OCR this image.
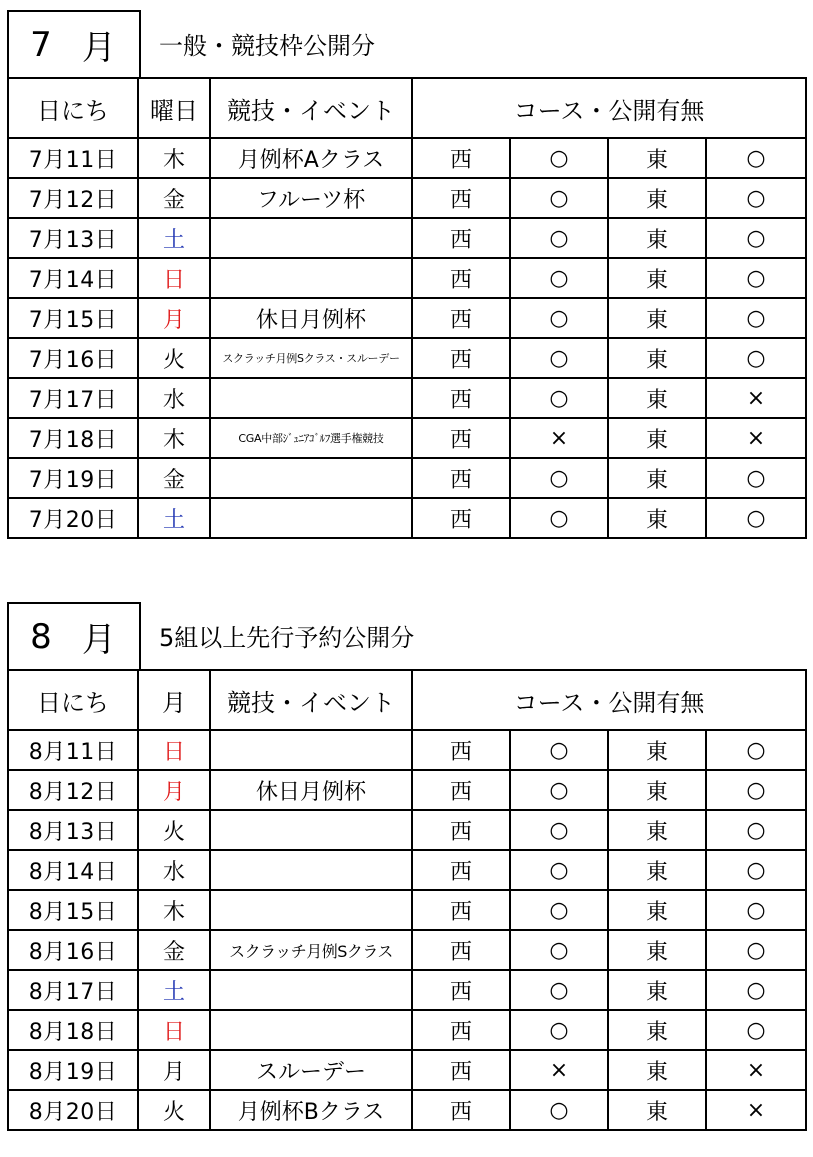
7 月 一般・競技枠公開分
日にち	曜日	競技・イベント	コース・公開有無			
7月11日	木	月例杯Aクラス	西	○	東	○
7月12日	金	フルーツ杯	西	○	東	○
7月13日	土		西	○	東	○
7月14日	日		西	○	東	○
7月15日	月	休日月例杯	西	○	東	○
7月16日	火	スクラッチ月例Sクラス・スルーデー	西	○	東	○
7月17日	水		西	○	東	×
7月18日	木	CGA中部ｼﾞｭﾆｱｺﾞﾙﾌ選手権競技	西	×	東	×
7月19日	金		西	○	東	○
7月20日	土		西	○	東	○
8 月 5組以上先行予約公開分
日にち	月	競技・イベント	コース・公開有無			
8月11日	日		西	○	東	○
8月12日	月	休日月例杯	西	○	東	○
8月13日	火		西	○	東	○
8月14日	水		西	○	東	○
8月15日	木		西	○	東	○
8月16日	金	スクラッチ月例Sクラス	西	○	東	○
8月17日	土		西	○	東	○
8月18日	日		西	○	東	○
8月19日	月	スルーデー	西	×	東	×
8月20日	火	月例杯Bクラス	西	○	東	×
